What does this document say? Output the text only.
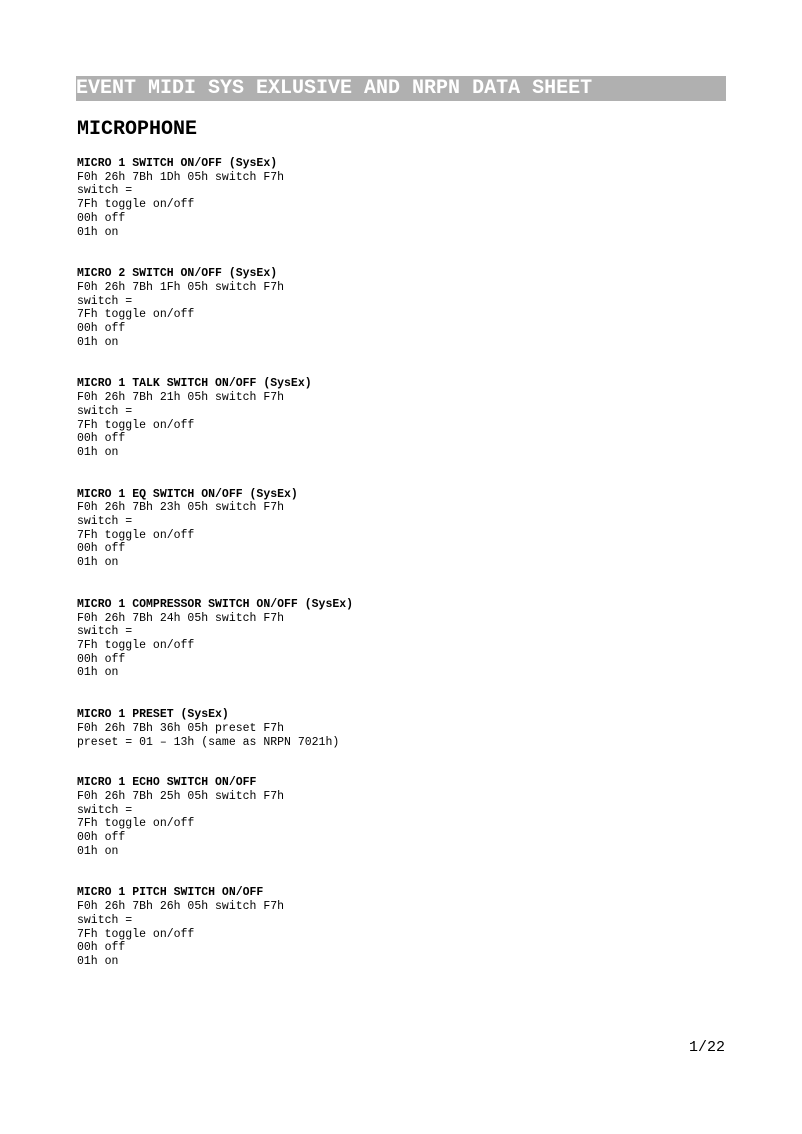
EVENT MIDI SYS EXLUSIVE AND NRPN DATA SHEET
MICROPHONE
MICRO 1 SWITCH ON/OFF (SysEx)
F0h 26h 7Bh 1Dh 05h switch F7h
switch =
7Fh toggle on/off
00h off
01h on
MICRO 2 SWITCH ON/OFF (SysEx)
F0h 26h 7Bh 1Fh 05h switch F7h
switch =
7Fh toggle on/off
00h off
01h on
MICRO 1 TALK SWITCH ON/OFF (SysEx)
F0h 26h 7Bh 21h 05h switch F7h
switch =
7Fh toggle on/off
00h off
01h on
MICRO 1 EQ SWITCH ON/OFF (SysEx)
F0h 26h 7Bh 23h 05h switch F7h
switch =
7Fh toggle on/off
00h off
01h on
MICRO 1 COMPRESSOR SWITCH ON/OFF (SysEx)
F0h 26h 7Bh 24h 05h switch F7h
switch =
7Fh toggle on/off
00h off
01h on
MICRO 1 PRESET (SysEx)
F0h 26h 7Bh 36h 05h preset F7h
preset = 01 – 13h (same as NRPN 7021h)
MICRO 1 ECHO SWITCH ON/OFF
F0h 26h 7Bh 25h 05h switch F7h
switch =
7Fh toggle on/off
00h off
01h on
MICRO 1 PITCH SWITCH ON/OFF
F0h 26h 7Bh 26h 05h switch F7h
switch =
7Fh toggle on/off
00h off
01h on
1/22
